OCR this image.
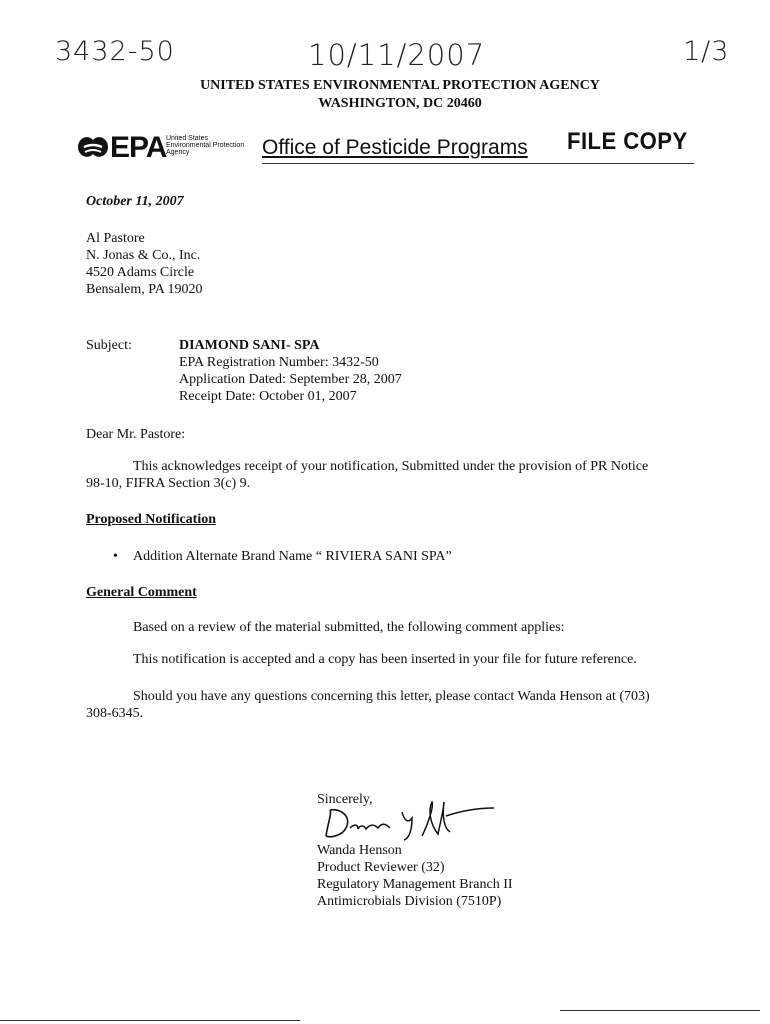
3432-50	10/11/2007	1/3
UNITED STATES ENVIRONMENTAL PROTECTION AGENCY
WASHINGTON, DC 20460
EPA United States
Environmental Protection
Agency	Office of Pesticide Programs FILE COPY
October 11, 2007
Al Pastore
N. Jonas & Co., Inc.
4520 Adams Circle
Bensalem, PA 19020
Subject:	DIAMOND SANI- SPA
EPA Registration Number: 3432-50
Application Dated: September 28, 2007
Receipt Date: October 01, 2007
Dear Mr. Pastore:
This acknowledges receipt of your notification, Submitted under the provision of PR Notice
98-10, FIFRA Section 3(c) 9.
Proposed Notification
• Addition Alternate Brand Name “ RIVIERA SANI SPA”
General Comment
Based on a review of the material submitted, the following comment applies:
This notification is accepted and a copy has been inserted in your file for future reference.
Should you have any questions concerning this letter, please contact Wanda Henson at (703)
308-6345.
Sincerely,
Wanda Henson
Product Reviewer (32)
Regulatory Management Branch II
Antimicrobials Division (7510P)
